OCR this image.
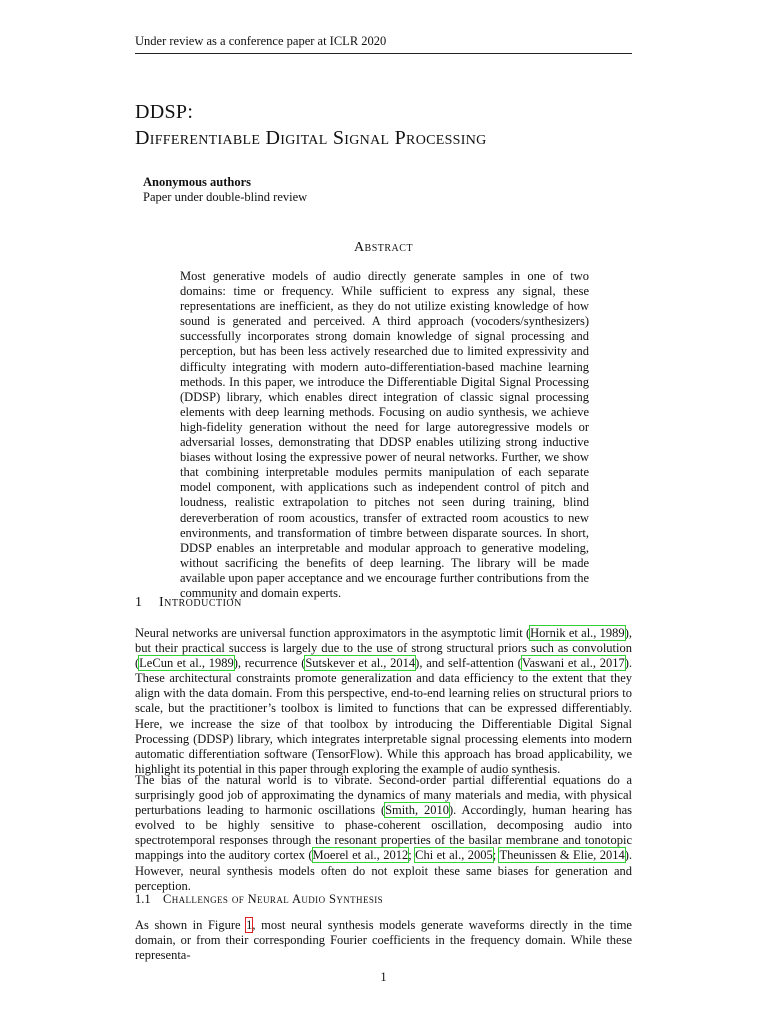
Under review as a conference paper at ICLR 2020
DDSP:
Differentiable Digital Signal Processing
Anonymous authors
Paper under double-blind review
Abstract
Most generative models of audio directly generate samples in one of two domains: time or frequency. While sufficient to express any signal, these representations are inefficient, as they do not utilize existing knowledge of how sound is generated and perceived. A third approach (vocoders/synthesizers) successfully incorporates strong domain knowledge of signal processing and perception, but has been less actively researched due to limited expressivity and difficulty integrating with modern auto-differentiation-based machine learning methods. In this paper, we introduce the Differentiable Digital Signal Processing (DDSP) library, which enables direct integration of classic signal processing elements with deep learning methods. Focusing on audio synthesis, we achieve high-fidelity generation without the need for large autoregressive models or adversarial losses, demonstrating that DDSP enables utilizing strong inductive biases without losing the expressive power of neural networks. Further, we show that combining interpretable modules permits manipulation of each separate model component, with applications such as independent control of pitch and loudness, realistic extrapolation to pitches not seen during training, blind dereverberation of room acoustics, transfer of extracted room acoustics to new environments, and transformation of timbre between disparate sources. In short, DDSP enables an interpretable and modular approach to generative modeling, without sacrificing the benefits of deep learning. The library will be made available upon paper acceptance and we encourage further contributions from the community and domain experts.
1 Introduction
Neural networks are universal function approximators in the asymptotic limit (Hornik et al., 1989), but their practical success is largely due to the use of strong structural priors such as convolution (LeCun et al., 1989), recurrence (Sutskever et al., 2014), and self-attention (Vaswani et al., 2017). These architectural constraints promote generalization and data efficiency to the extent that they align with the data domain. From this perspective, end-to-end learning relies on structural priors to scale, but the practitioner’s toolbox is limited to functions that can be expressed differentiably. Here, we increase the size of that toolbox by introducing the Differentiable Digital Signal Processing (DDSP) library, which integrates interpretable signal processing elements into modern automatic differentiation software (TensorFlow). While this approach has broad applicability, we highlight its potential in this paper through exploring the example of audio synthesis.
The bias of the natural world is to vibrate. Second-order partial differential equations do a surprisingly good job of approximating the dynamics of many materials and media, with physical perturbations leading to harmonic oscillations (Smith, 2010). Accordingly, human hearing has evolved to be highly sensitive to phase-coherent oscillation, decomposing audio into spectrotemporal responses through the resonant properties of the basilar membrane and tonotopic mappings into the auditory cortex (Moerel et al., 2012; Chi et al., 2005; Theunissen & Elie, 2014). However, neural synthesis models often do not exploit these same biases for generation and perception.
1.1 Challenges of Neural Audio Synthesis
As shown in Figure 1, most neural synthesis models generate waveforms directly in the time domain, or from their corresponding Fourier coefficients in the frequency domain. While these representa-
1
